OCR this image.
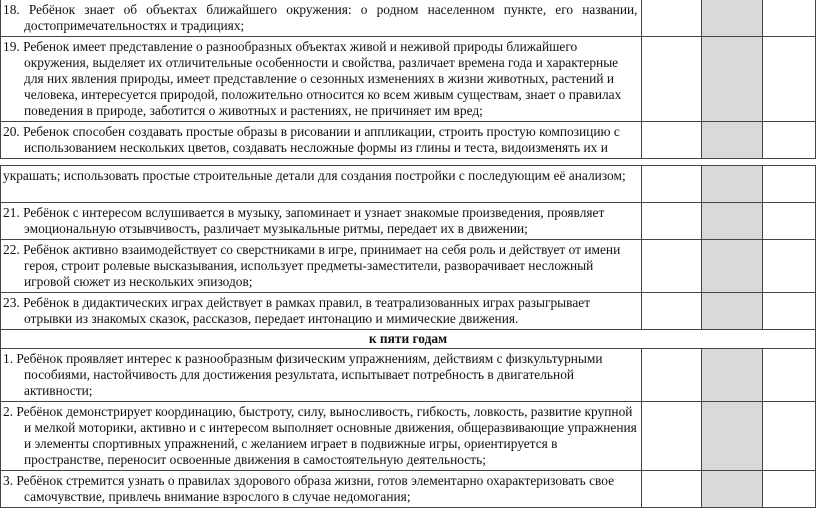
18. Ребёнок знает об объектах ближайшего окружения: о родном населенном пункте, его названии, достопримечательностях и традициях;			

19. Ребенок имеет представление о разнообразных объектах живой и неживой природы ближайшего окружения, выделяет их отличительные особенности и свойства, различает времена года и характерные для них явления природы, имеет представление о сезонных изменениях в жизни животных, растений и человека, интересуется природой, положительно относится ко всем живым существам, знает о правилах поведения в природе, заботится о животных и растениях, не причиняет им вред;			

20. Ребенок способен создавать простые образы в рисовании и аппликации, строить простую композицию с использованием нескольких цветов, создавать несложные формы из глины и теста, видоизменять их и			

украшать; использовать простые строительные детали для создания постройки с последующим её анализом;			

21. Ребёнок с интересом вслушивается в музыку, запоминает и узнает знакомые произведения, проявляет эмоциональную отзывчивость, различает музыкальные ритмы, передает их в движении;			

22. Ребёнок активно взаимодействует со сверстниками в игре, принимает на себя роль и действует от имени героя, строит ролевые высказывания, использует предметы-заместители, разворачивает несложный игровой сюжет из нескольких эпизодов;			

23. Ребёнок в дидактических играх действует в рамках правил, в театрализованных играх разыгрывает отрывки из знакомых сказок, рассказов, передает интонацию и мимические движения.			

к пяти годам			

1. Ребёнок проявляет интерес к разнообразным физическим упражнениям, действиям с физкультурными пособиями, настойчивость для достижения результата, испытывает потребность в двигательной активности;			

2. Ребёнок демонстрирует координацию, быстроту, силу, выносливость, гибкость, ловкость, развитие крупной и мелкой моторики, активно и с интересом выполняет основные движения, общеразвивающие упражнения и элементы спортивных упражнений, с желанием играет в подвижные игры, ориентируется в пространстве, переносит освоенные движения в самостоятельную деятельность;			

3. Ребёнок стремится узнать о правилах здорового образа жизни, готов элементарно охарактеризовать свое самочувствие, привлечь внимание взрослого в случае недомогания;			
